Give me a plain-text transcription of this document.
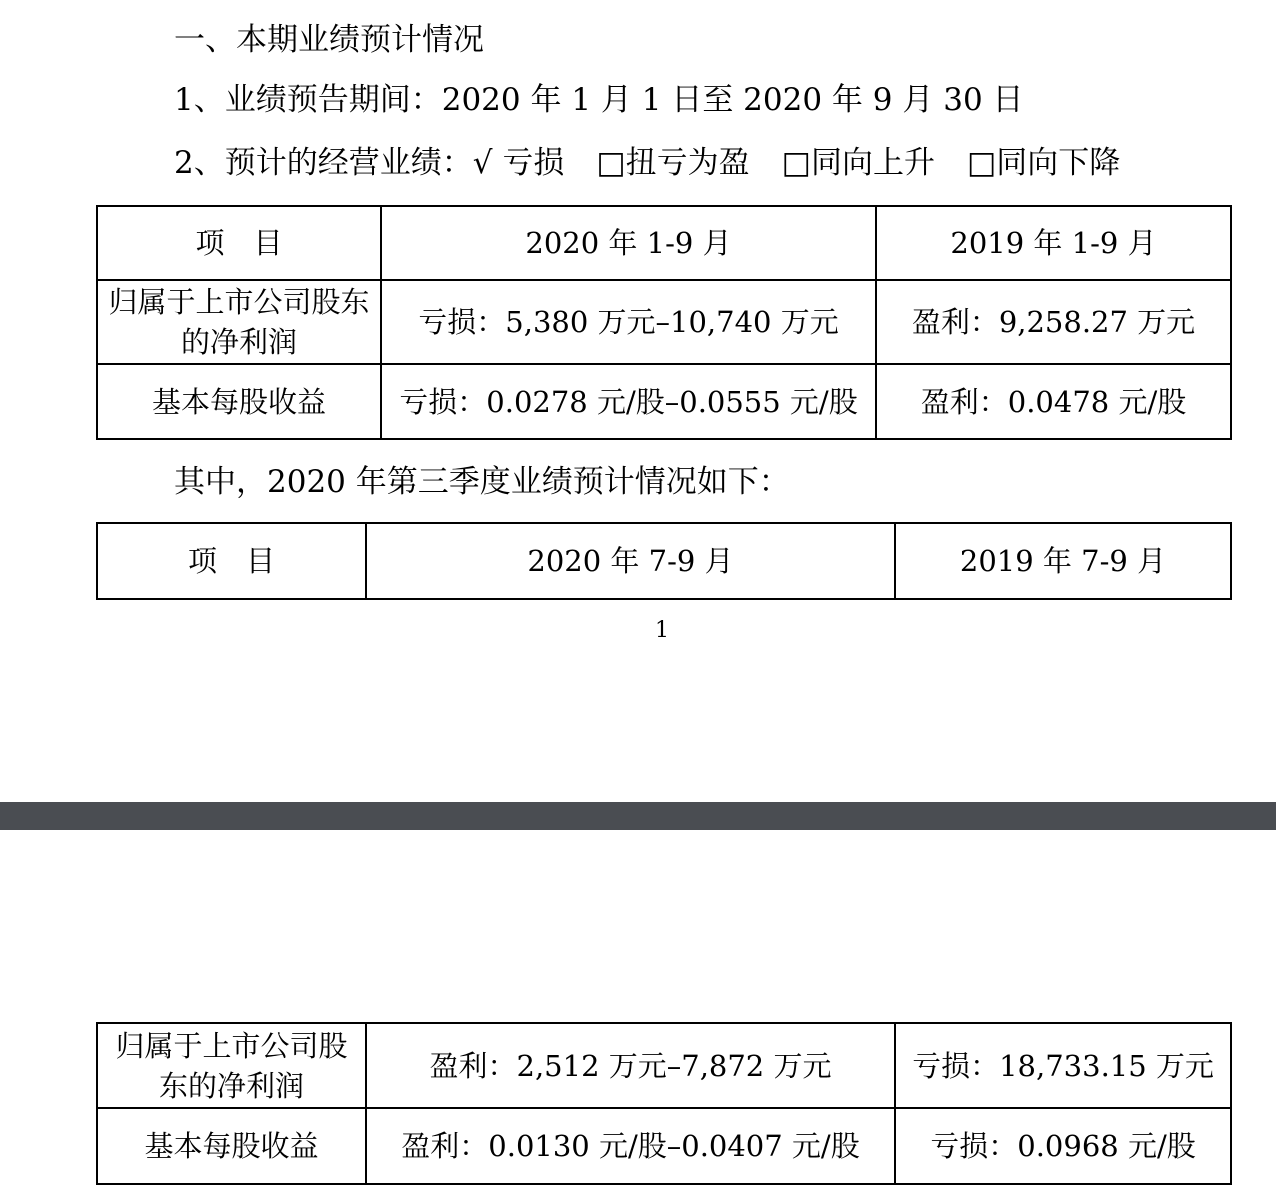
一、本期业绩预计情况
1、业绩预告期间：2020 年 1 月 1 日至 2020 年 9 月 30 日
2、预计的经营业绩：√ 亏损 □扭亏为盈 □同向上升 □同向下降
项　目	2020 年 1-9 月	2019 年 1-9 月
归属于上市公司股东的净利润	亏损：5,380 万元–10,740 万元	盈利：9,258.27 万元
基本每股收益	亏损：0.0278 元/股–0.0555 元/股	盈利：0.0478 元/股
其中，2020 年第三季度业绩预计情况如下：
项　目	2020 年 7-9 月	2019 年 7-9 月
1
归属于上市公司股东的净利润	盈利：2,512 万元–7,872 万元	亏损：18,733.15 万元
基本每股收益	盈利：0.0130 元/股–0.0407 元/股	亏损：0.0968 元/股
